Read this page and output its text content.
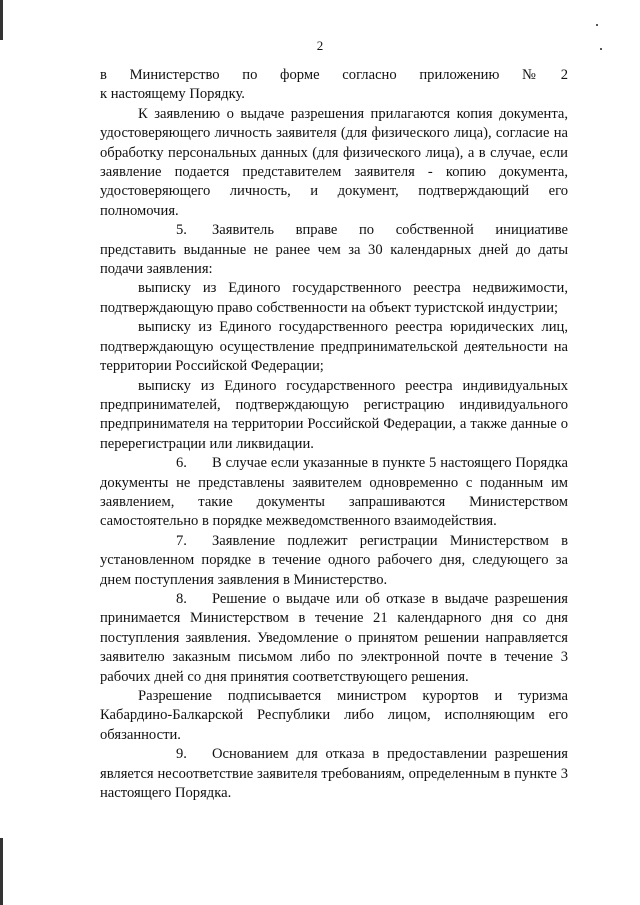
2

в    Министерство    по    форме    согласно    приложению    №    2

к настоящему Порядку.

К заявлению о выдаче разрешения прилагаются копия документа, удостоверяющего личность заявителя (для физического лица), согласие на обработку персональных данных (для физического лица), а в случае, если заявление подается представителем заявителя - копию документа, удостоверяющего личность, и документ, подтверждающий его полномочия.

5. Заявитель вправе по собственной инициативе представить выданные не ранее чем за 30 календарных дней до даты подачи заявления:

выписку из Единого государственного реестра недвижимости, подтверждающую право собственности на объект туристской индустрии;

выписку из Единого государственного реестра юридических лиц, подтверждающую осуществление предпринимательской деятельности на территории Российской Федерации;

выписку из Единого государственного реестра индивидуальных предпринимателей, подтверждающую регистрацию индивидуального предпринимателя на территории Российской Федерации, а также данные о перерегистрации или ликвидации.

6. В случае если указанные в пункте 5 настоящего Порядка документы не представлены заявителем одновременно с поданным им заявлением, такие документы запрашиваются Министерством самостоятельно в порядке межведомственного взаимодействия.

7. Заявление подлежит регистрации Министерством в установленном порядке в течение одного рабочего дня, следующего за днем поступления заявления в Министерство.

8. Решение о выдаче или об отказе в выдаче разрешения принимается Министерством в течение 21 календарного дня со дня поступления заявления. Уведомление о принятом решении направляется заявителю заказным письмом либо по электронной почте в течение 3 рабочих дней со дня принятия соответствующего решения.

Разрешение подписывается министром курортов и туризма Кабардино-Балкарской Республики либо лицом, исполняющим его обязанности.

9. Основанием для отказа в предоставлении разрешения является несоответствие заявителя требованиям, определенным в пункте 3 настоящего Порядка.
